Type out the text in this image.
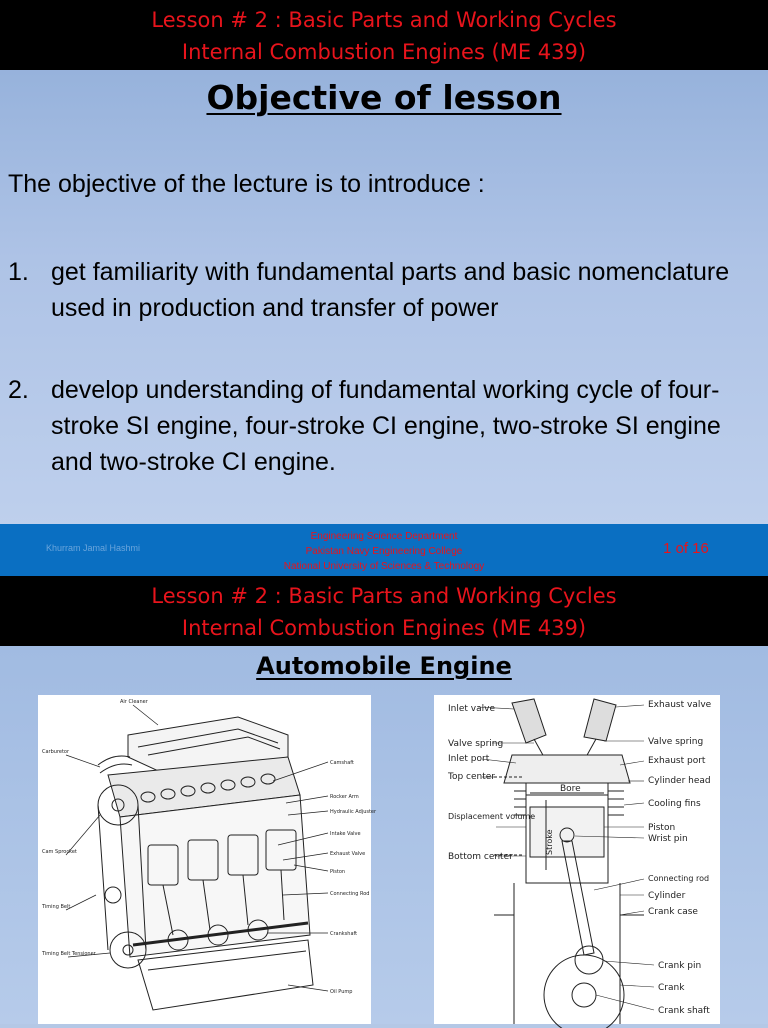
Lesson # 2 : Basic Parts and Working Cycles
Internal Combustion Engines (ME 439)
Objective of lesson
The objective of the lecture is to introduce :
1. get familiarity with fundamental parts and basic nomenclature used in production and transfer of power
2. develop understanding of fundamental working cycle of four-stroke SI engine, four-stroke CI engine, two-stroke SI engine and two-stroke CI engine.
Khurram Jamal Hashmi
Engineering Science Department
Pakistan Navy Engineering College
National University of Sciences & Technology
1 of 16
Lesson # 2 : Basic Parts and Working Cycles
Internal Combustion Engines (ME 439)
Automobile Engine
Air Cleaner
Carburetor
Camshaft
Rocker Arm
Hydraulic Adjuster
Intake Valve
Exhaust Valve
Piston
Connecting Rod
Cam Sprocket
Timing Belt
Timing Belt Tensioner
Crankshaft
Oil Pump
Inlet valve	Exhaust valve
Valve spring	Valve spring
Inlet port	Exhaust port
Top center	Cylinder head
Bore
Cooling fins
Displacement volume
Piston
Wrist pin
Stroke
Bottom center
Connecting rod
Cylinder
Crank case
Crank pin
Crank
Crank shaft
